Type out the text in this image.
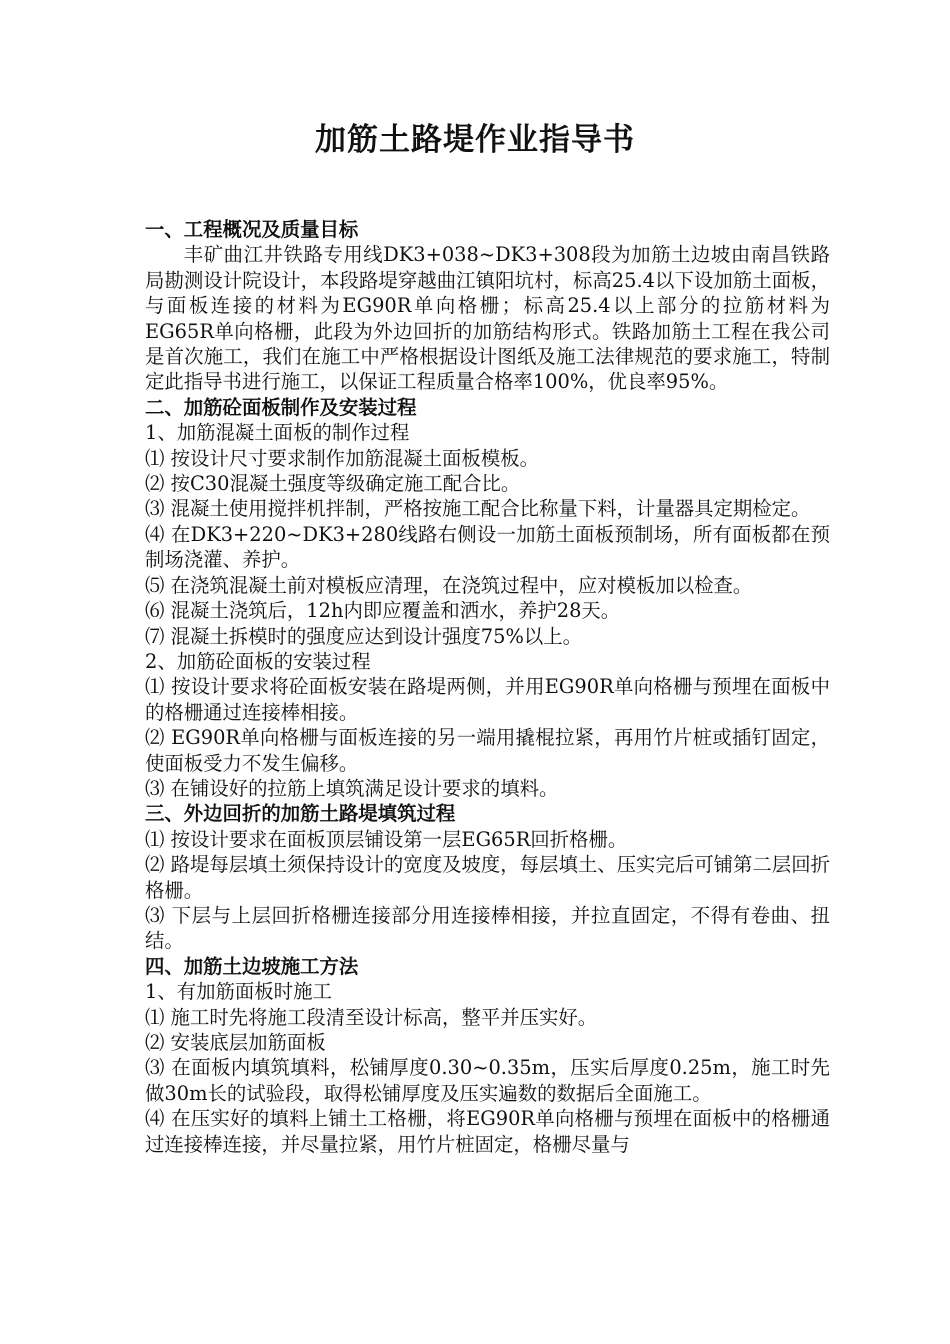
加筋土路堤作业指导书

一、工程概况及质量目标

丰矿曲江井铁路专用线DK3+038~DK3+308段为加筋土边坡由南昌铁路局勘测设计院设计，本段路堤穿越曲江镇阳坑村，标高25.4以下设加筋土面板，与面板连接的材料为EG90R单向格栅；标高25.4以上部分的拉筋材料为EG65R单向格栅，此段为外边回折的加筋结构形式。铁路加筋土工程在我公司是首次施工，我们在施工中严格根据设计图纸及施工法律规范的要求施工，特制定此指导书进行施工，以保证工程质量合格率100%，优良率95%。

二、加筋砼面板制作及安装过程

1、加筋混凝土面板的制作过程

⑴ 按设计尺寸要求制作加筋混凝土面板模板。

⑵ 按C30混凝土强度等级确定施工配合比。

⑶ 混凝土使用搅拌机拌制，严格按施工配合比称量下料，计量器具定期检定。

⑷ 在DK3+220~DK3+280线路右侧设一加筋土面板预制场，所有面板都在预制场浇灌、养护。

⑸ 在浇筑混凝土前对模板应清理，在浇筑过程中，应对模板加以检查。

⑹ 混凝土浇筑后，12h内即应覆盖和洒水，养护28天。

⑺ 混凝土拆模时的强度应达到设计强度75%以上。

2、加筋砼面板的安装过程

⑴ 按设计要求将砼面板安装在路堤两侧，并用EG90R单向格栅与预埋在面板中的格栅通过连接棒相接。

⑵ EG90R单向格栅与面板连接的另一端用撬棍拉紧，再用竹片桩或插钉固定，使面板受力不发生偏移。

⑶ 在铺设好的拉筋上填筑满足设计要求的填料。

三、外边回折的加筋土路堤填筑过程

⑴ 按设计要求在面板顶层铺设第一层EG65R回折格栅。

⑵ 路堤每层填土须保持设计的宽度及坡度，每层填土、压实完后可铺第二层回折格栅。

⑶ 下层与上层回折格栅连接部分用连接棒相接，并拉直固定，不得有卷曲、扭结。

四、加筋土边坡施工方法

1、有加筋面板时施工

⑴ 施工时先将施工段清至设计标高，整平并压实好。

⑵ 安装底层加筋面板

⑶ 在面板内填筑填料，松铺厚度0.30~0.35m，压实后厚度0.25m，施工时先做30m长的试验段，取得松铺厚度及压实遍数的数据后全面施工。

⑷ 在压实好的填料上铺土工格栅，将EG90R单向格栅与预埋在面板中的格栅通过连接棒连接，并尽量拉紧，用竹片桩固定，格栅尽量与
